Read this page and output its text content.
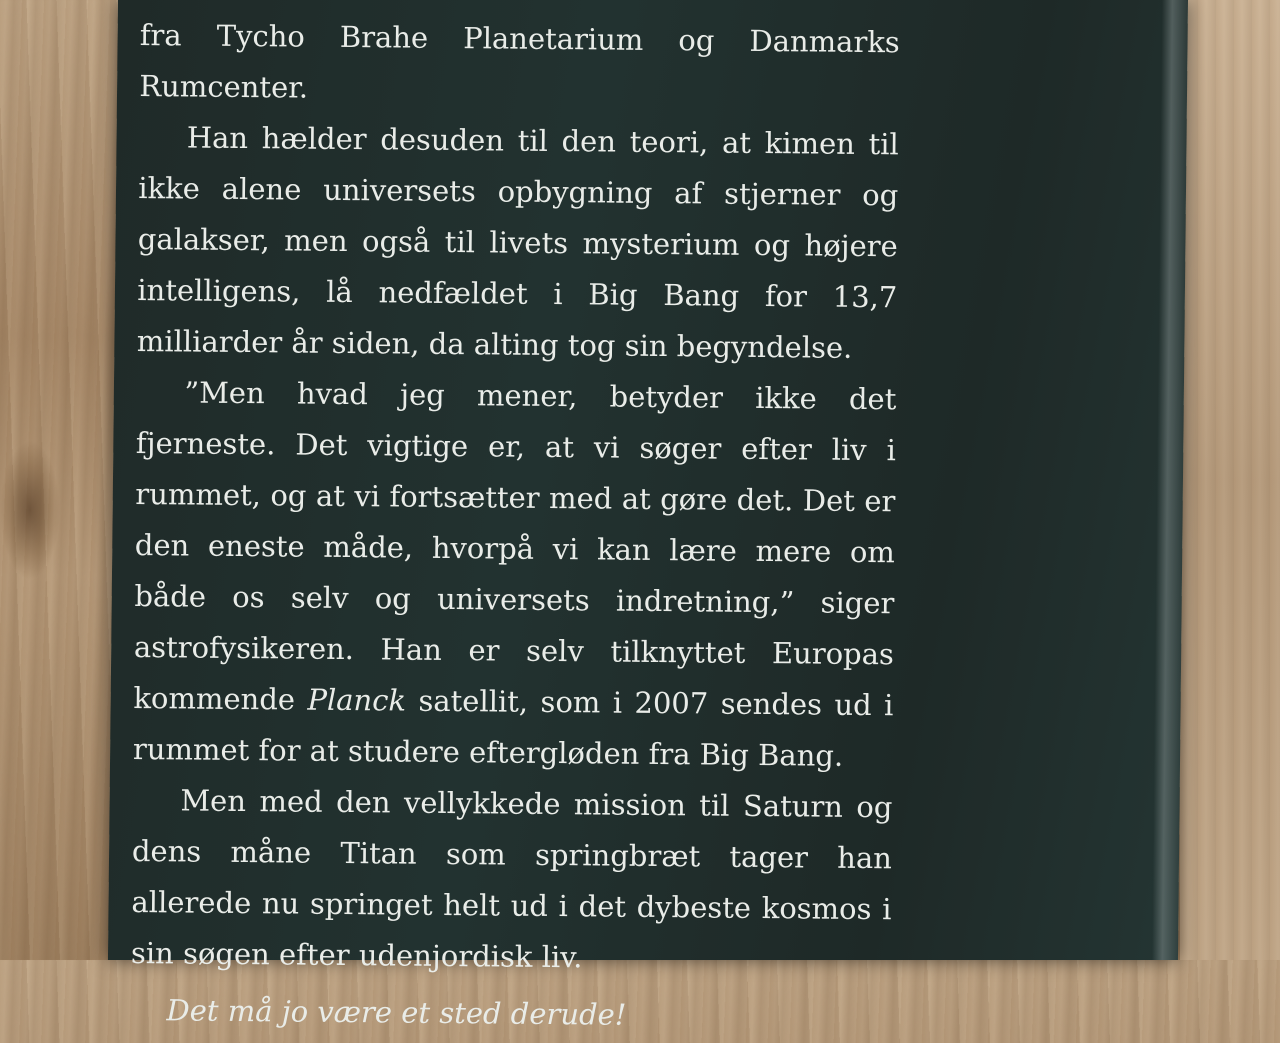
fra Tycho Brahe Planetarium og Danmarks Rumcenter.

Han hælder desuden til den teori, at kimen til ikke alene universets opbygning af stjerner og galakser, men også til livets mysterium og højere intelligens, lå nedfældet i Big Bang for 13,7 milliarder år siden, da alting tog sin begyndelse.

”Men hvad jeg mener, betyder ikke det fjerneste. Det vigtige er, at vi søger efter liv i rummet, og at vi fortsætter med at gøre det. Det er den eneste måde, hvorpå vi kan lære mere om både os selv og universets indretning,” siger astrofysikeren. Han er selv tilknyttet Europas kommende Planck satellit, som i 2007 sendes ud i rummet for at studere eftergløden fra Big Bang.

Men med den vellykkede mission til Saturn og dens måne Titan som springbræt tager han allerede nu springet helt ud i det dybeste kosmos i sin søgen efter udenjordisk liv.

Det må jo være et sted derude!
